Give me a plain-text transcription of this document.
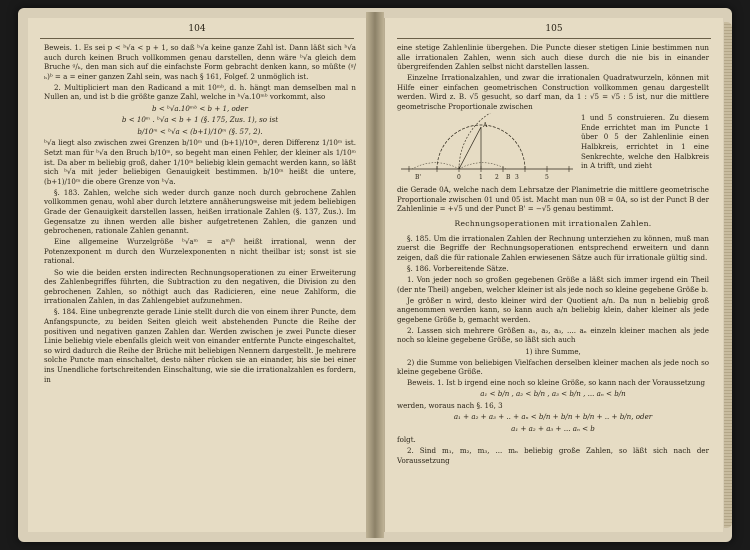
104

Beweis. 1. Es sei p < ᵇ√a < p + 1, so daß ᵇ√a keine ganze Zahl ist. Dann läßt sich ᵇ√a auch durch keinen Bruch vollkommen genau darstellen, denn wäre ᵇ√a gleich dem Bruche ᵍ/ₕ, den man sich auf die einfachste Form gebracht denken kann, so müßte (ᵍ/ₕ)ᵇ = a = einer ganzen Zahl sein, was nach § 161, Folgef. 2 unmöglich ist.

2. Multipliciert man den Radicand a mit 10ᵐᵇ, d. h. hängt man demselben mal n Nullen an, und ist b die größte ganze Zahl, welche in ᵇ√a.10ᵐᵇ vorkommt, also

b < ᵇ√a.10ᵐᵇ < b + 1, oder
b < 10ᵐ . ᵇ√a < b + 1 (§. 175, Zus. 1), so ist
b/10ᵐ < ᵇ√a < (b+1)/10ᵐ (§. 57, 2).

ᵇ√a liegt also zwischen zwei Grenzen b/10ᵐ und (b+1)/10ᵐ, deren Differenz 1/10ᵐ ist. Setzt man für ᵇ√a den Bruch b/10ᵐ, so begeht man einen Fehler, der kleiner als 1/10ᵐ ist. Da aber m beliebig groß, daher 1/10ᵐ beliebig klein gemacht werden kann, so läßt sich ᵇ√a mit jeder beliebigen Genauigkeit bestimmen. b/10ᵐ heißt die untere, (b+1)/10ᵐ die obere Grenze von ᵇ√a.

§. 183. Zahlen, welche sich weder durch ganze noch durch gebrochene Zahlen vollkommen genau, wohl aber durch letztere annäherungsweise mit jedem beliebigen Grade der Genauigkeit darstellen lassen, heißen irrationale Zahlen (§. 137, Zus.). Im Gegensatze zu ihnen werden alle bisher aufgetretenen Zahlen, die ganzen und gebrochenen, rationale Zahlen genannt.

Eine allgemeine Wurzelgröße ᵇ√aᵐ = aᵐ/ᵇ heißt irrational, wenn der Potenzexponent m durch den Wurzelexponenten n nicht theilbar ist; sonst ist sie rational.

So wie die beiden ersten indirecten Rechnungsoperationen zu einer Erweiterung des Zahlenbegriffes führten, die Subtraction zu den negativen, die Division zu den gebrochenen Zahlen, so nöthigt auch das Radicieren, eine neue Zahlform, die irrationalen Zahlen, in das Zahlengebiet aufzunehmen.

§. 184. Eine unbegrenzte gerade Linie stellt durch die von einem ihrer Puncte, dem Anfangspuncte, zu beiden Seiten gleich weit abstehenden Puncte die Reihe der positiven und negativen ganzen Zahlen dar. Werden zwischen je zwei Puncte dieser Linie beliebig viele ebenfalls gleich weit von einander entfernte Puncte eingeschaltet, so wird dadurch die Reihe der Brüche mit beliebigen Nennern dargestellt. Je mehrere solche Puncte man einschaltet, desto näher rücken sie an einander, bis sie bei einer ins Unendliche fortschreitenden Einschaltung, wie sie die irrationalzahlen es fordern, in

105

eine stetige Zahlenlinie übergehen. Die Puncte dieser stetigen Linie bestimmen nun alle irrationalen Zahlen, wenn sich auch diese durch die nie bis in einander übergreifenden Zahlen selbst nicht darstellen lassen.

Einzelne Irrationalzahlen, und zwar die irrationalen Quadratwurzeln, können mit Hilfe einer einfachen geometrischen Construction vollkommen genau dargestellt werden. Wird z. B. √5 gesucht, so darf man, da 1 : √5 = √5 : 5 ist, nur die mittlere geometrische Proportionale zwischen

A
B'	B
0	1 2	3	5

1 und 5 construieren. Zu diesem Ende errichtet man im Puncte 1 über 0 5 der Zahlenlinie einen Halbkreis, errichtet in 1 eine Senkrechte, welche den Halbkreis in A trifft, und zieht

die Gerade 0A, welche nach dem Lehrsatze der Planimetrie die mittlere geometrische Proportionale zwischen 01 und 05 ist. Macht man nun 0B = 0A, so ist der Punct B der Zahlenlinie = +√5 und der Punct B' = −√5 genau bestimmt.

Rechnungsoperationen mit irrationalen Zahlen.

§. 185. Um die irrationalen Zahlen der Rechnung unterziehen zu können, muß man zuerst die Begriffe der Rechnungsoperationen entsprechend erweitern und dann zeigen, daß die für rationale Zahlen erwiesenen Sätze auch für irrationale gültig sind.

§. 186. Vorbereitende Sätze.

1. Von jeder noch so großen gegebenen Größe a läßt sich immer irgend ein Theil (der nte Theil) angeben, welcher kleiner ist als jede noch so kleine gegebene Größe b.

Je größer n wird, desto kleiner wird der Quotient a/n. Da nun n beliebig groß angenommen werden kann, so kann auch a/n beliebig klein, daher kleiner als jede gegebene Größe b, gemacht werden.

2. Lassen sich mehrere Größen a₁, a₂, a₃, .... aₙ einzeln kleiner machen als jede noch so kleine gegebene Größe, so läßt sich auch

1) ihre Summe,

2) die Summe von beliebigen Vielfachen derselben kleiner machen als jede noch so kleine gegebene Größe.

Beweis. 1. Ist b irgend eine noch so kleine Größe, so kann nach der Voraussetzung

a₁ < b/n , a₂ < b/n , a₃ < b/n , ... aₙ < b/n

werden, woraus nach §. 16, 3

a₁ + a₂ + a₃ + .. + aₙ < b/n + b/n + b/n + .. + b/n, oder
a₁ + a₂ + a₃ + ... aₙ < b

folgt.

2. Sind m₁, m₂, m₃, ... mₙ beliebig große Zahlen, so läßt sich nach der Voraussetzung
